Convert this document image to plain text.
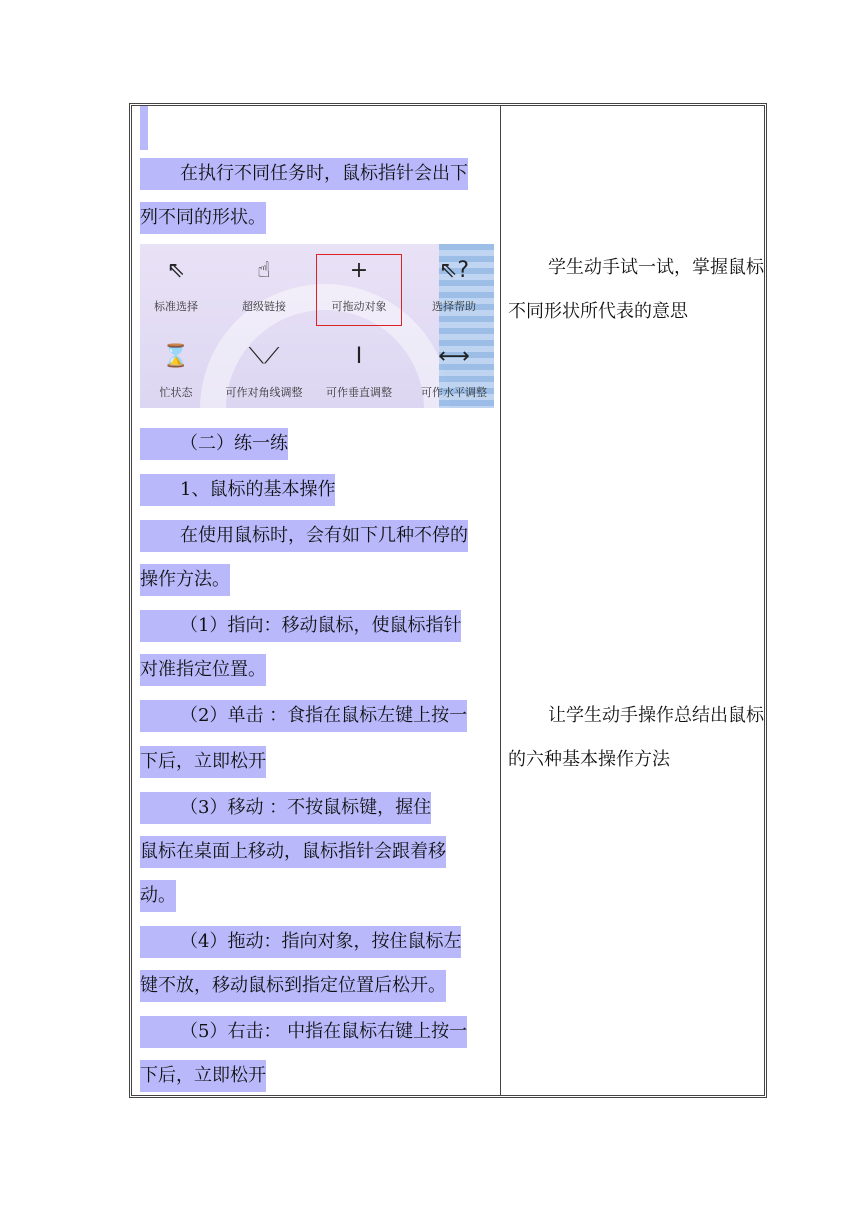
在执行不同任务时，鼠标指针会出下
列不同的形状。
⇖
标准选择
☝
超级链接
+
可拖动对象
⇖?
选择帮助
⌛
忙状态
⟍⟋
可作对角线调整
Ⅰ
可作垂直调整
⟷
可作水平调整
（二）练一练
1、鼠标的基本操作
在使用鼠标时，会有如下几种不停的
操作方法。
（1）指向：移动鼠标，使鼠标指针
对准指定位置。
（2）单击 ：食指在鼠标左键上按一
下后，立即松开
（3）移动 ：不按鼠标键，握住
鼠标在桌面上移动，鼠标指针会跟着移
动。
（4）拖动：指向对象，按住鼠标左
键不放，移动鼠标到指定位置后松开。
（5）右击： 中指在鼠标右键上按一
下后，立即松开

学生动手试一试，掌握鼠标不同形状所代表的意思

让学生动手操作总结出鼠标的六种基本操作方法
